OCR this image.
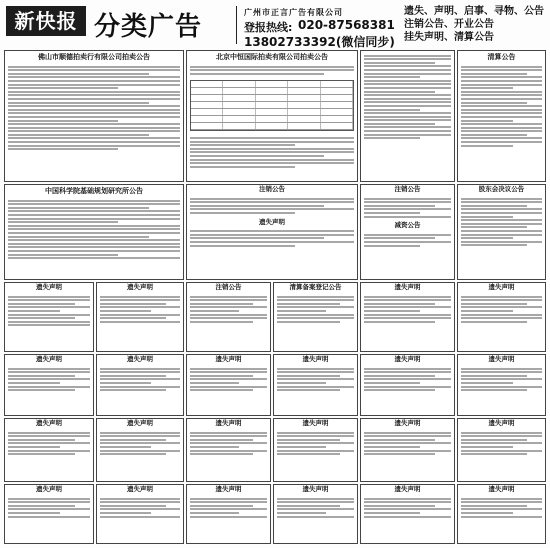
新快报 分类广告	广州市正言广告有限公司
登报热线: 020-87568381
13802733392(微信同步)
遗失、声明、启事、寻物、公告
注销公告、开业公告
挂失声明、清算公告
佛山市顺德拍卖行有限公司拍卖公告	北京中恒国际拍卖有限公司拍卖公告	清算公告
中国科学院基础规划研究所公告	注销公告
遗失声明
注销公告
减资公告
股东会决议公告
遗失声明	遗失声明	注销公告	清算备案登记公告	遗失声明	遗失声明
遗失声明	遗失声明	遗失声明	遗失声明	遗失声明	遗失声明
遗失声明	遗失声明	遗失声明	遗失声明	遗失声明	遗失声明
遗失声明	遗失声明	遗失声明	遗失声明	遗失声明	遗失声明
